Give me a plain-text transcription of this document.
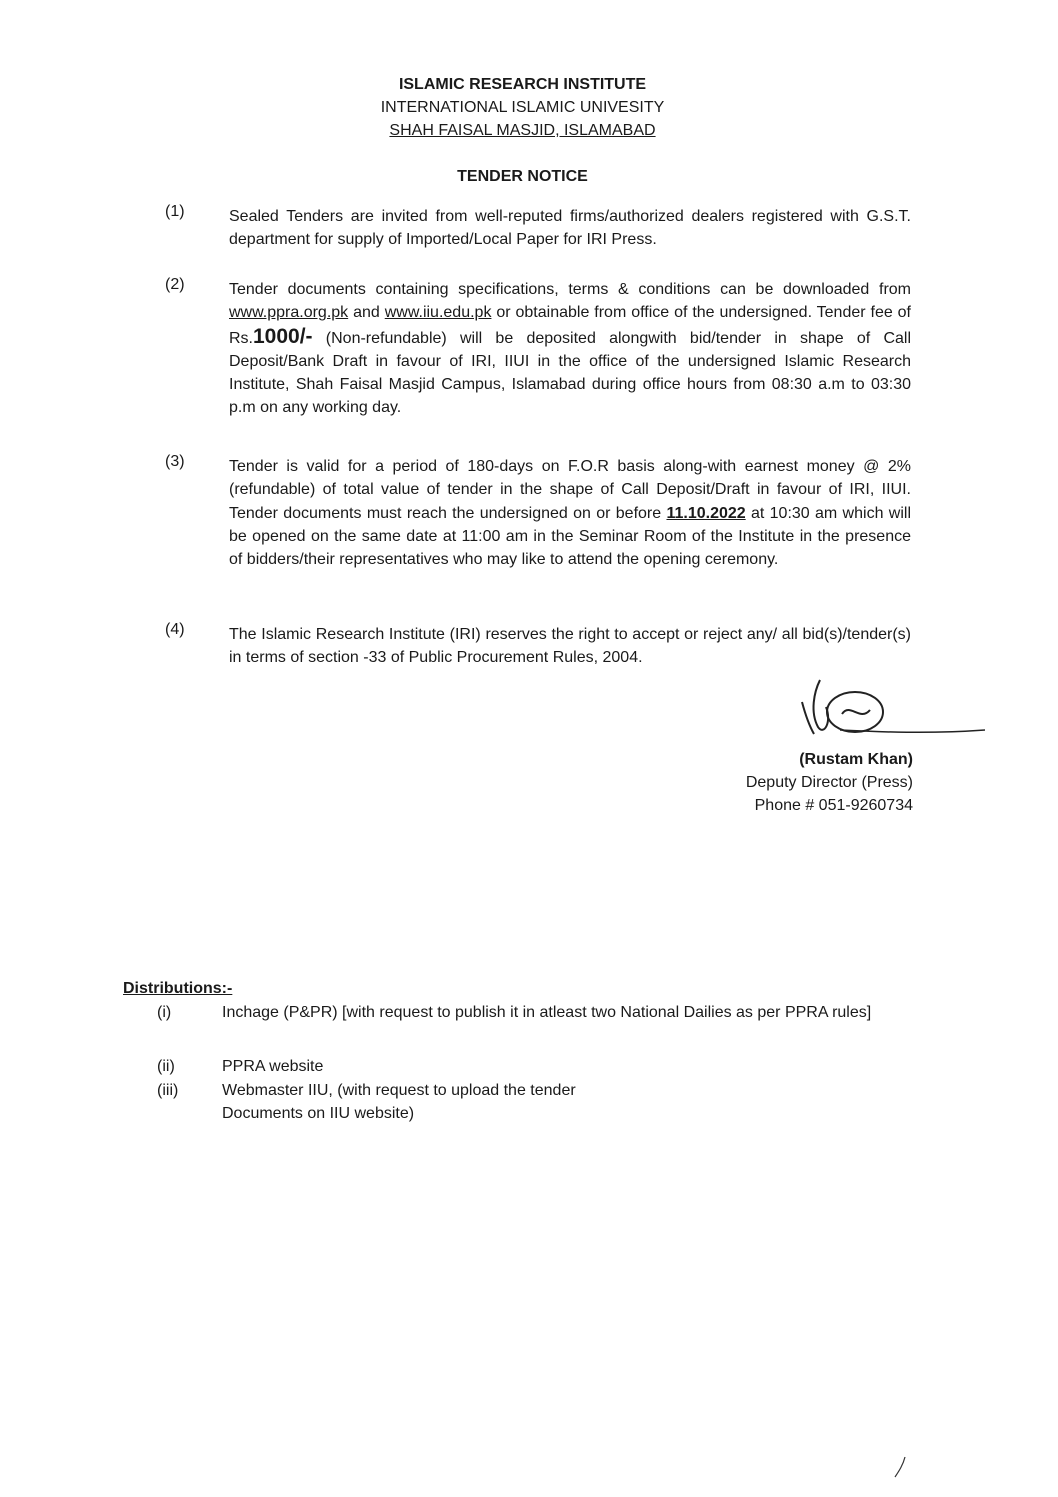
ISLAMIC RESEARCH INSTITUTE
INTERNATIONAL ISLAMIC UNIVESITY
SHAH FAISAL MASJID, ISLAMABAD
TENDER NOTICE
(1)	Sealed Tenders are invited from well-reputed firms/authorized dealers registered with G.S.T. department for supply of Imported/Local Paper for IRI Press.
(2)	Tender documents containing specifications, terms & conditions can be downloaded from www.ppra.org.pk and www.iiu.edu.pk or obtainable from office of the undersigned. Tender fee of Rs.1000/- (Non-refundable) will be deposited alongwith bid/tender in shape of Call Deposit/Bank Draft in favour of IRI, IIUI in the office of the undersigned Islamic Research Institute, Shah Faisal Masjid Campus, Islamabad during office hours from 08:30 a.m to 03:30 p.m on any working day.
(3)	Tender is valid for a period of 180-days on F.O.R basis along-with earnest money @ 2% (refundable) of total value of tender in the shape of Call Deposit/Draft in favour of IRI, IIUI. Tender documents must reach the undersigned on or before 11.10.2022 at 10:30 am which will be opened on the same date at 11:00 am in the Seminar Room of the Institute in the presence of bidders/their representatives who may like to attend the opening ceremony.
(4)	The Islamic Research Institute (IRI) reserves the right to accept or reject any/ all bid(s)/tender(s) in terms of section -33 of Public Procurement Rules, 2004.
(Rustam Khan)
Deputy Director (Press)
Phone # 051-9260734
Distributions:-
(i)	Inchage (P&PR) [with request to publish it in atleast two National Dailies as per PPRA rules]
(ii)	PPRA website
(iii)	Webmaster IIU, (with request to upload the tender Documents on IIU website)
